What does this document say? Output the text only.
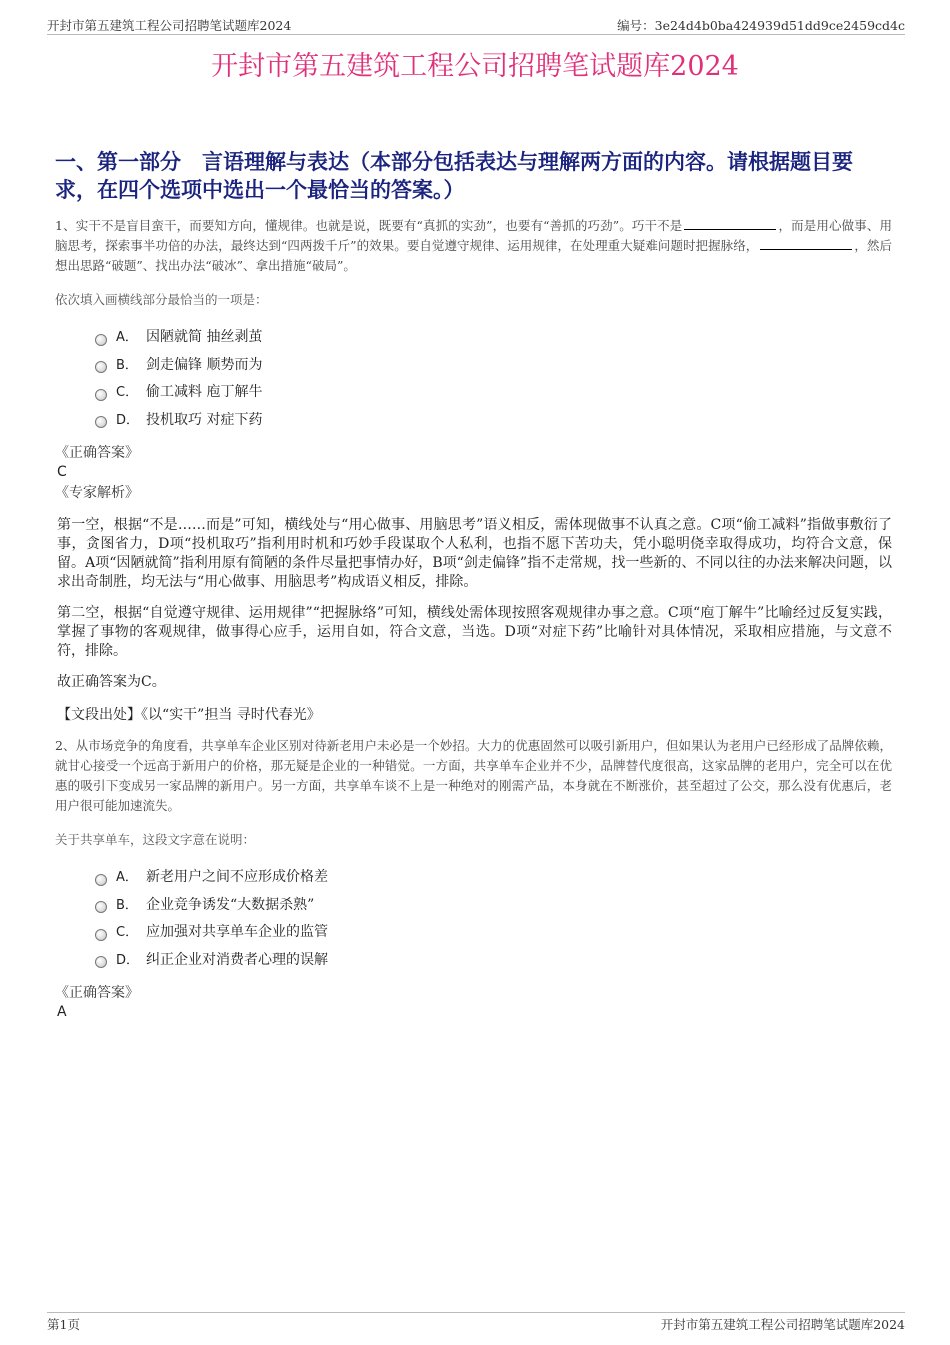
开封市第五建筑工程公司招聘笔试题库2024	编号：3e24d4b0ba424939d51dd9ce2459cd4c
开封市第五建筑工程公司招聘笔试题库2024
一、第一部分　言语理解与表达（本部分包括表达与理解两方面的内容。请根据题目要求，在四个选项中选出一个最恰当的答案。）

1、实干不是盲目蛮干，而要知方向，懂规律。也就是说，既要有“真抓的实劲”，也要有“善抓的巧劲”。巧干不是	，而是用心做事、用脑思考，探索事半功倍的办法，最终达到“四两拨千斤”的效果。要自觉遵守规律、运用规律，在处理重大疑难问题时把握脉络，	，然后想出思路“破题”、找出办法“破冰”、拿出措施“破局”。

依次填入画横线部分最恰当的一项是：

A． 因陋就简 抽丝剥茧
B． 剑走偏锋 顺势而为
C． 偷工减料 庖丁解牛
D． 投机取巧 对症下药

《正确答案》

C

《专家解析》

第一空，根据“不是……而是”可知，横线处与“用心做事、用脑思考”语义相反，需体现做事不认真之意。C项“偷工减料”指做事敷衍了事，贪图省力，D项“投机取巧”指利用时机和巧妙手段谋取个人私利，也指不愿下苦功夫，凭小聪明侥幸取得成功，均符合文意，保留。A项“因陋就简”指利用原有简陋的条件尽量把事情办好，B项“剑走偏锋”指不走常规，找一些新的、不同以往的办法来解决问题，以求出奇制胜，均无法与“用心做事、用脑思考”构成语义相反，排除。

第二空，根据“自觉遵守规律、运用规律”“把握脉络”可知，横线处需体现按照客观规律办事之意。C项“庖丁解牛”比喻经过反复实践，掌握了事物的客观规律，做事得心应手，运用自如，符合文意，当选。D项“对症下药”比喻针对具体情况，采取相应措施，与文意不符，排除。

故正确答案为C。

【文段出处】《以“实干”担当 寻时代春光》

2、从市场竞争的角度看，共享单车企业区别对待新老用户未必是一个妙招。大力的优惠固然可以吸引新用户，但如果认为老用户已经形成了品牌依赖，就甘心接受一个远高于新用户的价格，那无疑是企业的一种错觉。一方面，共享单车企业并不少，品牌替代度很高，这家品牌的老用户，完全可以在优惠的吸引下变成另一家品牌的新用户。另一方面，共享单车谈不上是一种绝对的刚需产品，本身就在不断涨价，甚至超过了公交，那么没有优惠后，老用户很可能加速流失。

关于共享单车，这段文字意在说明：

A． 新老用户之间不应形成价格差
B． 企业竞争诱发“大数据杀熟”
C． 应加强对共享单车企业的监管
D． 纠正企业对消费者心理的误解

《正确答案》

A

第1页	开封市第五建筑工程公司招聘笔试题库2024
